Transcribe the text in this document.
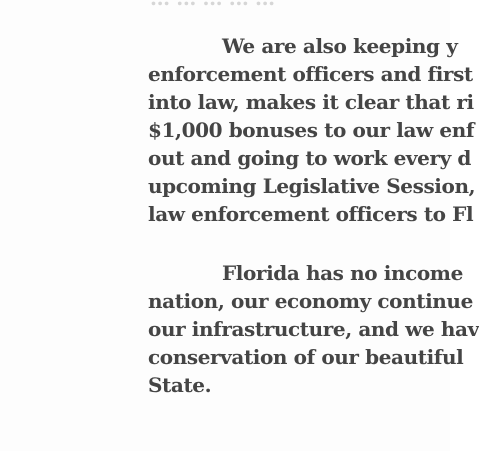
We are also keeping y
enforcement officers and first
into law, makes it clear that ri
$1,000 bonuses to our law enf
out and going to work every d
upcoming Legislative Session,
law enforcement officers to Fl
Florida has no income
nation, our economy continue
our infrastructure, and we hav
conservation of our beautiful
State.
